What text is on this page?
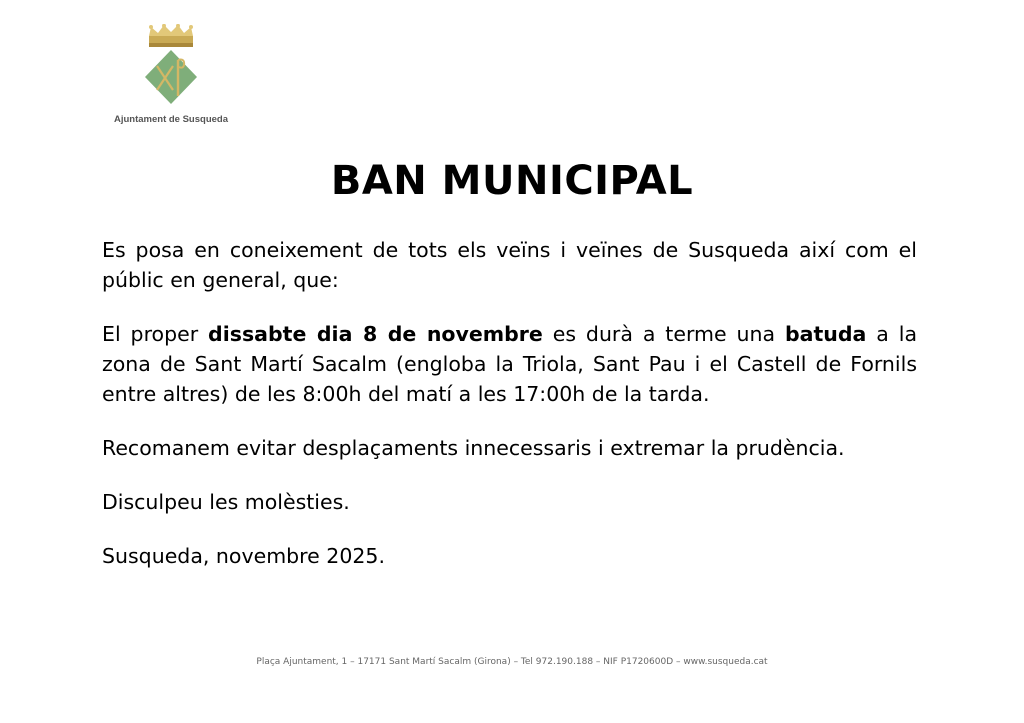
Ajuntament de Susqueda
BAN MUNICIPAL

Es posa en coneixement de tots els veïns i veïnes de Susqueda així com el públic en general, que:

El proper dissabte dia 8 de novembre es durà a terme una batuda a la zona de Sant Martí Sacalm (engloba la Triola, Sant Pau i el Castell de Fornils entre altres) de les 8:00h del matí a les 17:00h de la tarda.

Recomanem evitar desplaçaments innecessaris i extremar la prudència.

Disculpeu les molèsties.

Susqueda, novembre 2025.

Plaça Ajuntament, 1 – 17171 Sant Martí Sacalm (Girona) – Tel 972.190.188 – NIF P1720600D – www.susqueda.cat
